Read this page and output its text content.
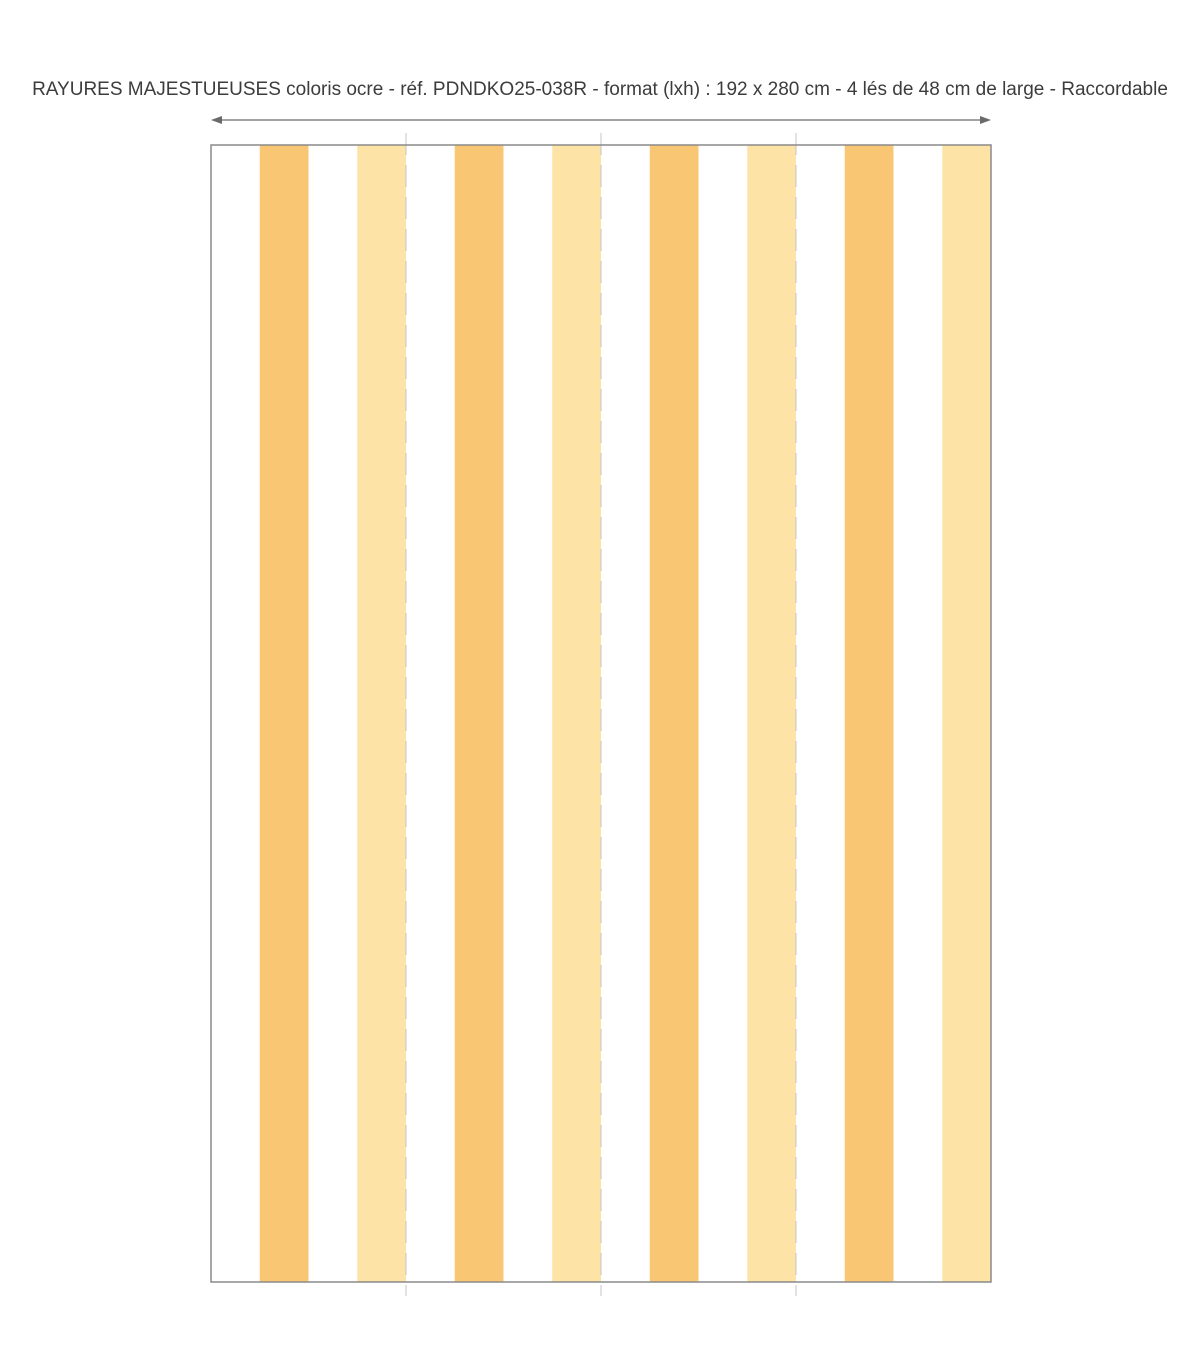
RAYURES MAJESTUEUSES coloris ocre - réf. PDNDKO25-038R - format (lxh) : 192 x 280 cm - 4 lés de 48 cm de large - Raccordable
